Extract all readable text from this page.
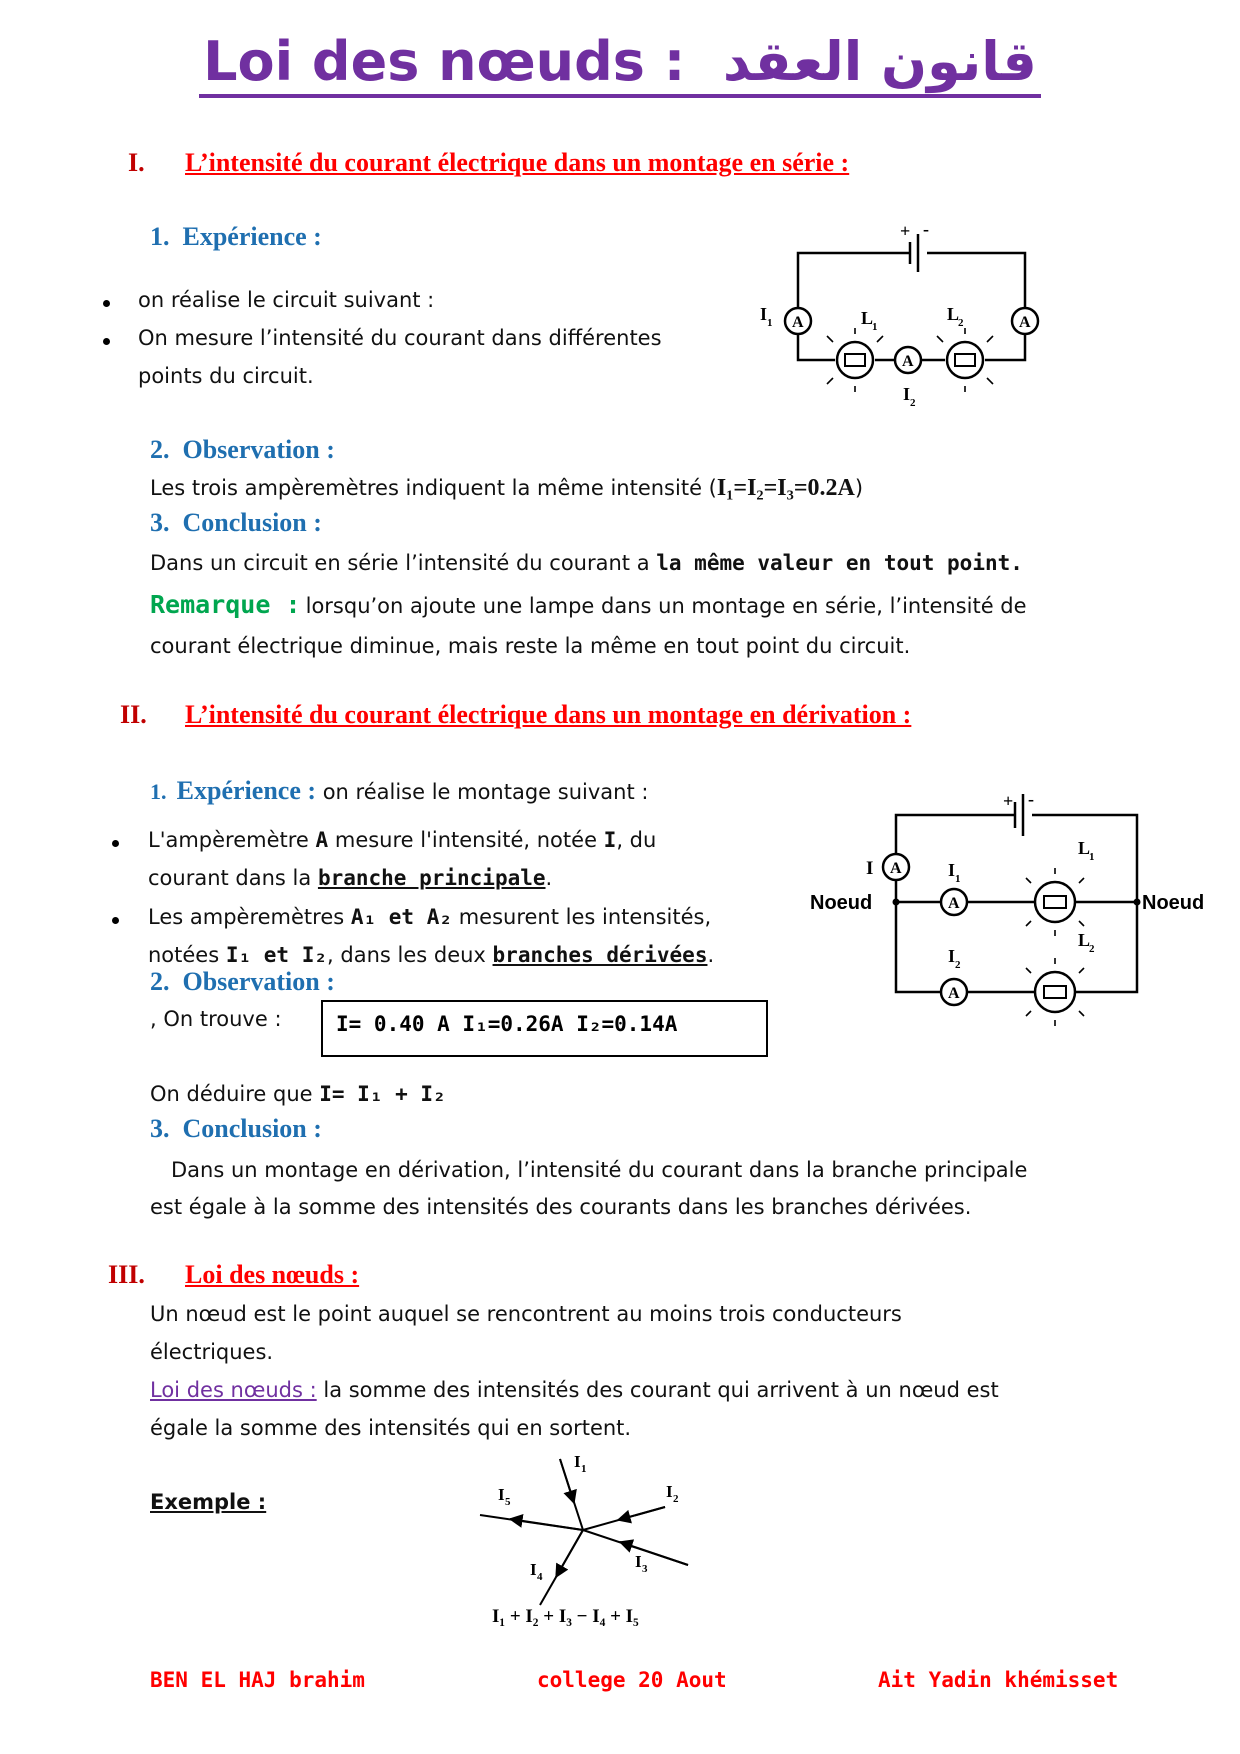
Loi des nœuds : قانون العقد
I. L’intensité du courant électrique dans un montage en série :
1. Expérience :
on réalise le circuit suivant :
On mesure l’intensité du courant dans différentes
points du circuit.
+ -
A	A
A
I 1
I 2
L
1
L
2
2. Observation :
Les trois ampèremètres indiquent la même intensité (I₁=I₂=I₃=0.2A)
3. Conclusion :
Dans un circuit en série l’intensité du courant a la même valeur en tout point.
Remarque : lorsqu’on ajoute une lampe dans un montage en série, l’intensité de
courant électrique diminue, mais reste la même en tout point du circuit.
II. L’intensité du courant électrique dans un montage en dérivation :
1. Expérience : on réalise le montage suivant :
L'ampèremètre A mesure l'intensité, notée I, du
courant dans la branche principale.
Les ampèremètres A₁ et A₂ mesurent les intensités,
notées I₁ et I₂, dans les deux branches dérivées.
+ -
A
A
A
I	I 1
I 2
L
1
L
2
Noeud	Noeud
2. Observation :
, On trouve :	I= 0.40 A I₁=0.26A I₂=0.14A
On déduire que I= I₁ + I₂
3. Conclusion :
Dans un montage en dérivation, l’intensité du courant dans la branche principale
est égale à la somme des intensités des courants dans les branches dérivées.
III. Loi des nœuds :
Un nœud est le point auquel se rencontrent au moins trois conducteurs
électriques.
Loi des nœuds : la somme des intensités des courant qui arrivent à un nœud est
égale la somme des intensités qui en sortent.
Exemple :
I 1
I 2
I 3
I 4
I 5
I₁ + I₂ + I₃ − I₄ + I₅
BEN EL HAJ brahim	college 20 Aout	Ait Yadin khémisset
